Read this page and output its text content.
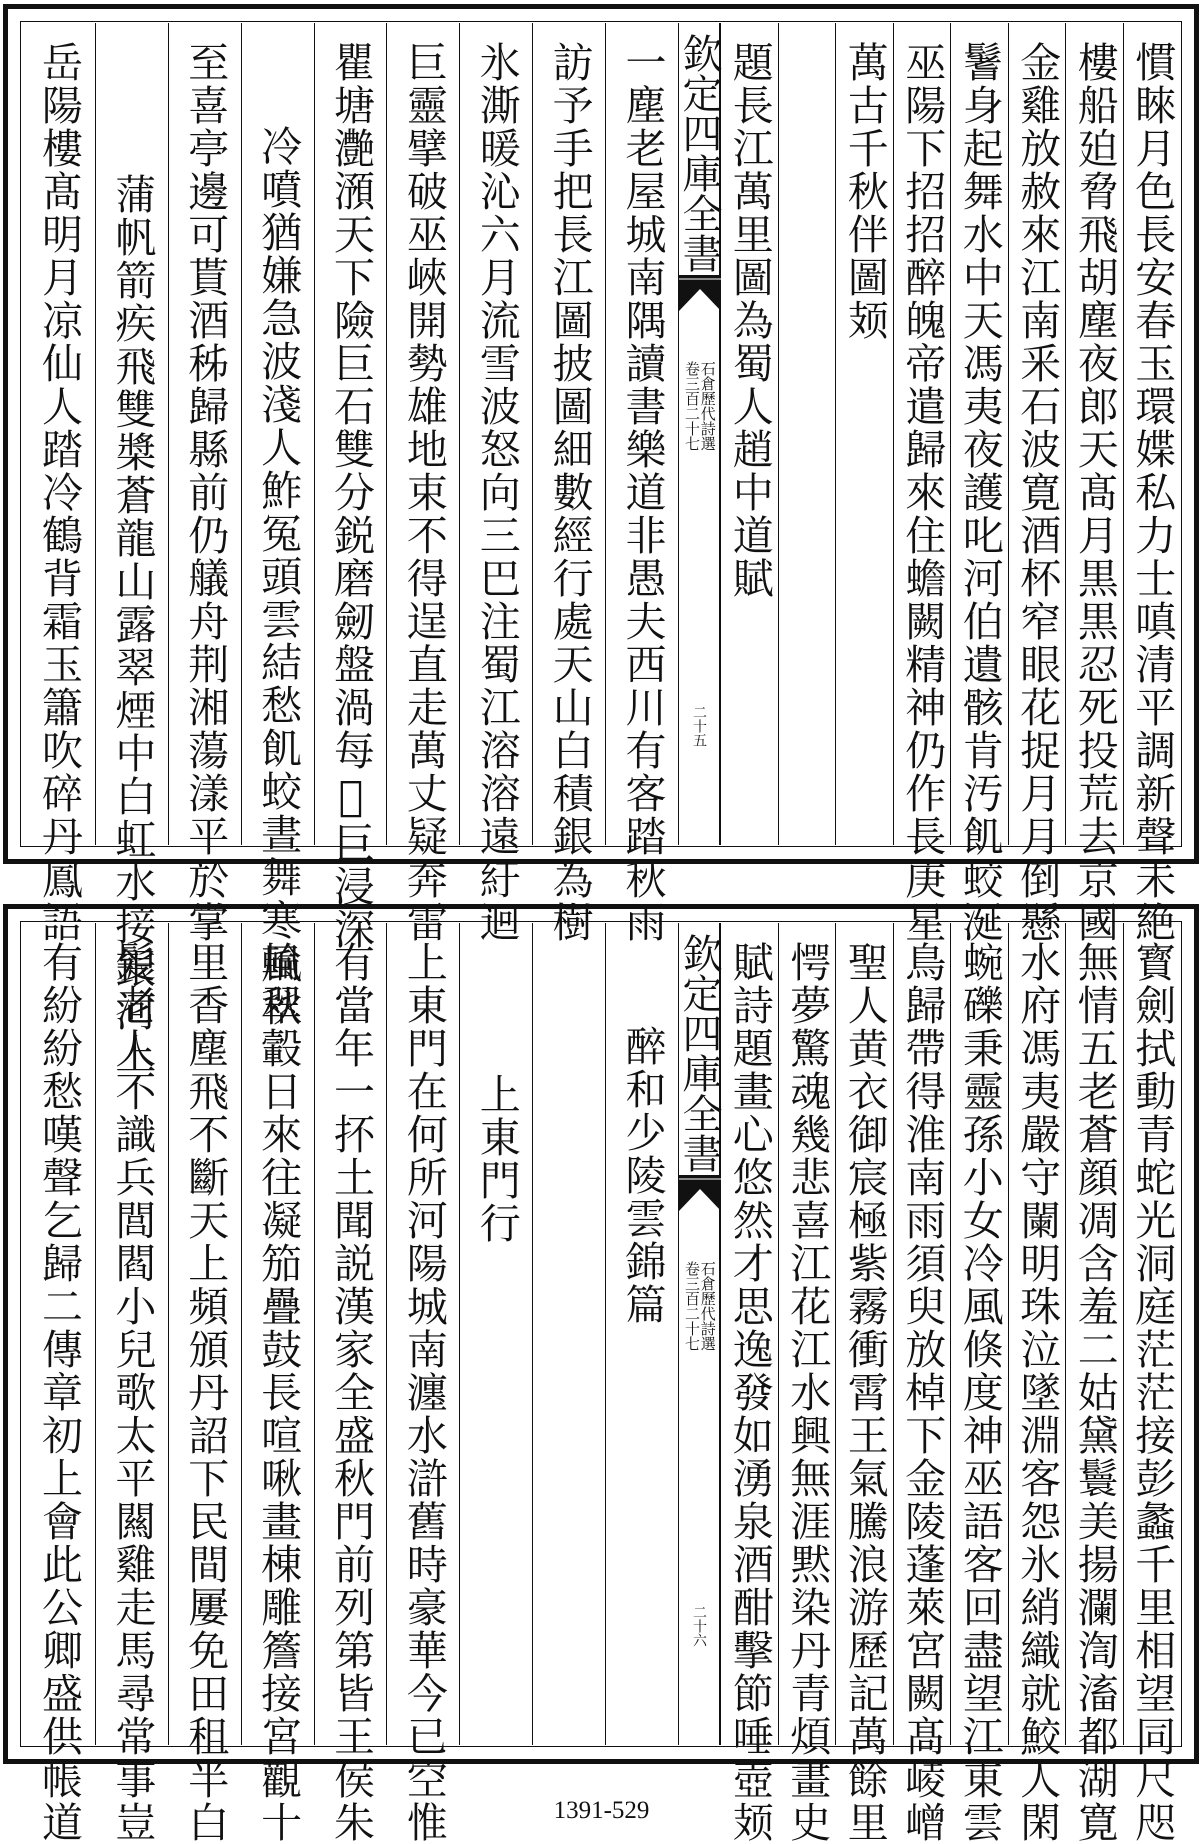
慣睞月色長安春玉環媟私力士嗔清平調新聲未絶
樓船廹脅飛胡塵夜郎天髙月黒黒忍死投荒去京國
金雞放赦來江南釆石波寛酒杯窄眼花捉月月倒懸
鬐身起舞水中天馮夷夜護叱河伯遺骸肯汚飢蛟涎
巫陽下招招醉魄帝遣歸來住蟾闕精神仍作長庚星
萬古千秋伴圖𫠆
題長江萬里圖為蜀人趙中道賦
欽定四庫全書
石倉歷代詩選
卷三百二十七
二十五
一塵老屋城南隅讀書樂道非愚夫西川有客踏秋雨
訪予手把長江圖披圖細數經行處天山白積銀為樹
氷澌暖沁六月流雪波怒向三巴注蜀江溶溶遠紆迴
巨靈擘破巫峽開勢雄地束不得逞直走萬丈疑奔雷
瞿塘灔澦天下險巨石雙分鋭磨劒盤渦每𤼵巨浸深
冷噴猶嫌急波淺人鮓冤頭雲結愁飢蛟晝舞寒風秋
至喜亭邊可貰酒秭歸縣前仍艤舟荆湘蕩漾平於掌
蒲帆箭疾飛雙槳蒼龍山露翠煙中白虹水接銀河上
岳陽樓髙明月凉仙人踏冷鶴背霜玉簫吹碎丹鳳語
寳劍拭動青蛇光洞庭茫茫接彭蠡千里相望同尺咫
無情五老蒼顔凋含羞二姑黛鬟美揚瀾渹滀都湖寛
水府馮夷嚴守闌明珠泣墜淵客怨氷綃織就鮫人閑
蜿礫秉靈孫小女冷風倏度神巫語客回盡望江東雲
鳥歸帶得淮南雨須臾放棹下金陵蓬萊宮闕髙崚嶒
聖人黄衣御宸極紫霧衝霄王氣騰浪游歷記萬餘里
愕夢驚魂幾悲喜江花江水興無涯黙染丹青煩畫史
賦詩題畫心悠然才思逸發如湧泉酒酣擊節唾壺𫠆
欽定四庫全書
石倉歷代詩選
卷三百二十七
二十六
醉和少陵雲錦篇
上東門行
上東門在何所河陽城南瀍水滸舊時豪華今已空惟
有當年一抔土聞説漢家全盛秋門前列第皆王侯朱
輪翠轂日來往凝笳疊鼓長喧啾畫棟雕簷接宮觀十
里香塵飛不斷天上頻頒丹詔下民間屢免田租半白
髪老人不識兵閭閻小兒歌太平闗雞走馬尋常事豈
有紛紛愁嘆聲乞歸二傳章初上會此公卿盛供帳道	1391-529
